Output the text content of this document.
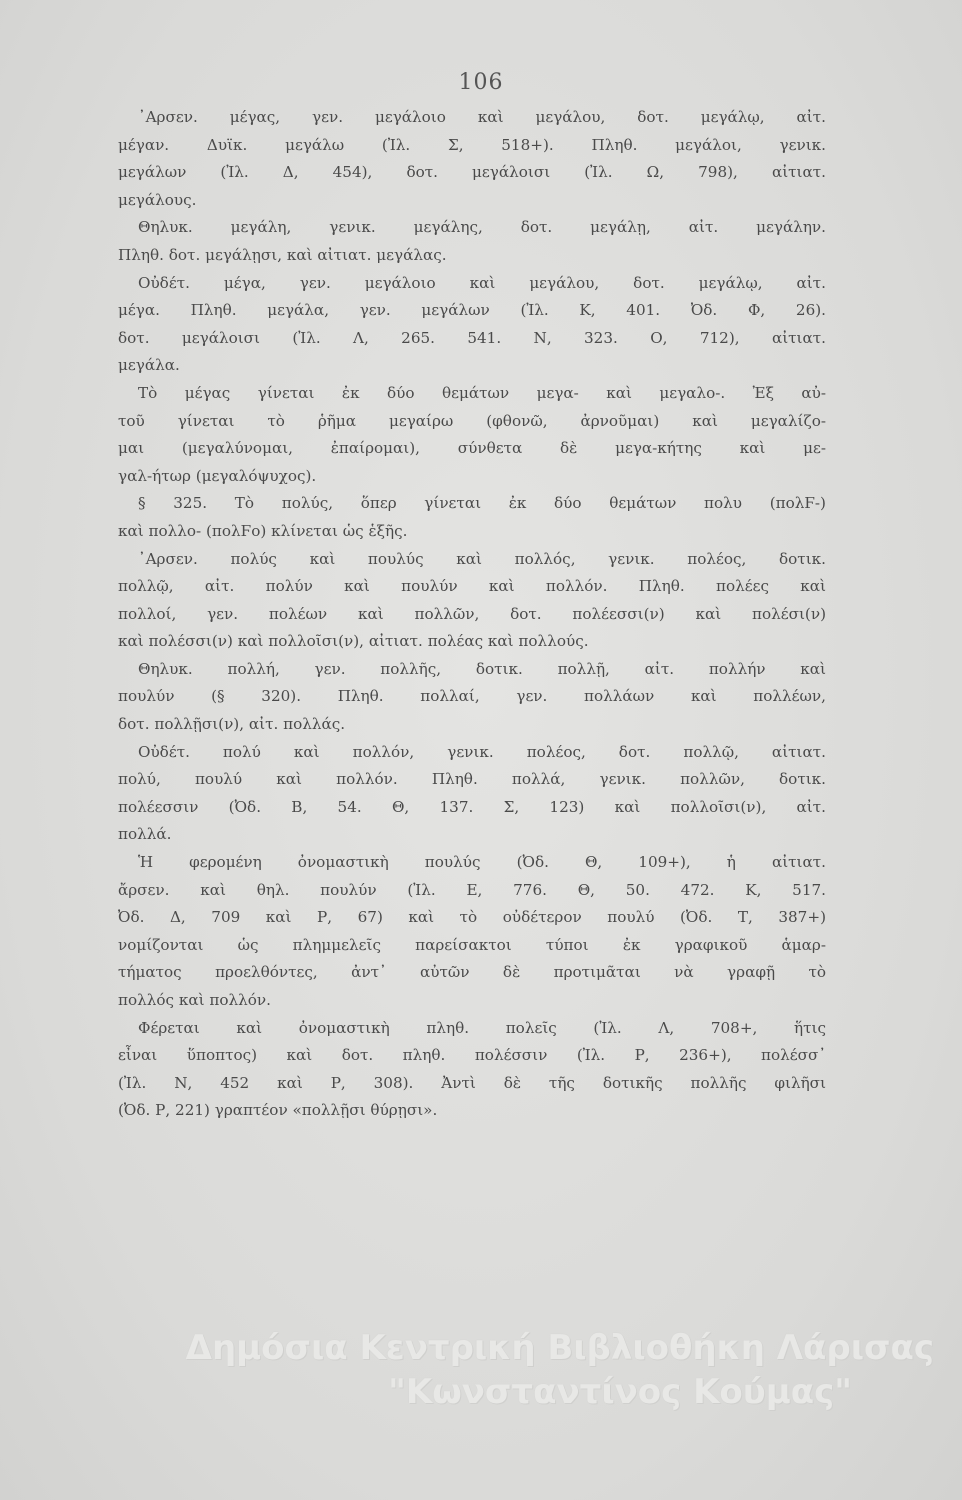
106
᾽Αρσεν. μέγας, γεν. μεγάλοιο καὶ μεγάλου, δοτ. μεγάλῳ, αἰτ.
μέγαν. Δυϊκ. μεγάλω (Ἰλ. Σ, 518+). Πληθ. μεγάλοι, γενικ.
μεγάλων (Ἰλ. Δ, 454), δοτ. μεγάλοισι (Ἰλ. Ω, 798), αἰτιατ.
μεγάλους.
Θηλυκ. μεγάλη, γενικ. μεγάλης, δοτ. μεγάλῃ, αἰτ. μεγάλην.
Πληθ. δοτ. μεγάλῃσι, καὶ αἰτιατ. μεγάλας.
Οὐδέτ. μέγα, γεν. μεγάλοιο καὶ μεγάλου, δοτ. μεγάλῳ, αἰτ.
μέγα. Πληθ. μεγάλα, γεν. μεγάλων (Ἰλ. Κ, 401. Ὀδ. Φ, 26).
δοτ. μεγάλοισι (Ἰλ. Λ, 265. 541. Ν, 323. Ο, 712), αἰτιατ.
μεγάλα.
Τὸ μέγας γίνεται ἐκ δύο θεμάτων μεγα- καὶ μεγαλο-. Ἐξ αὐ-
τοῦ γίνεται τὸ ῥῆμα μεγαίρω (φθονῶ, ἀρνοῦμαι) καὶ μεγαλίζο-
μαι (μεγαλύνομαι, ἐπαίρομαι), σύνθετα δὲ μεγα-κήτης καὶ με-
γαλ-ήτωρ (μεγαλόψυχος).
§ 325. Τὸ πολύς, ὅπερ γίνεται ἐκ δύο θεμάτων πολυ (πολϜ-)
καὶ πολλο- (πολϜο) κλίνεται ὡς ἑξῆς.
᾽Αρσεν. πολύς καὶ πουλύς καὶ πολλός, γενικ. πολέος, δοτικ.
πολλῷ, αἰτ. πολύν καὶ πουλύν καὶ πολλόν. Πληθ. πολέες καὶ
πολλοί, γεν. πολέων καὶ πολλῶν, δοτ. πολέεσσι(ν) καὶ πολέσι(ν)
καὶ πολέσσι(ν) καὶ πολλοῖσι(ν), αἰτιατ. πολέας καὶ πολλούς.
Θηλυκ. πολλή, γεν. πολλῆς, δοτικ. πολλῇ, αἰτ. πολλήν καὶ
πουλύν (§ 320). Πληθ. πολλαί, γεν. πολλάων καὶ πολλέων,
δοτ. πολλῇσι(ν), αἰτ. πολλάς.
Οὐδέτ. πολύ καὶ πολλόν, γενικ. πολέος, δοτ. πολλῷ, αἰτιατ.
πολύ, πουλύ καὶ πολλόν. Πληθ. πολλά, γενικ. πολλῶν, δοτικ.
πολέεσσιν (Ὀδ. Β, 54. Θ, 137. Σ, 123) καὶ πολλοῖσι(ν), αἰτ.
πολλά.
Ἡ φερομένη ὀνομαστικὴ πουλύς (Ὀδ. Θ, 109+), ἡ αἰτιατ.
ἄρσεν. καὶ θηλ. πουλύν (Ἰλ. Ε, 776. Θ, 50. 472. Κ, 517.
Ὀδ. Δ, 709 καὶ Ρ, 67) καὶ τὸ οὐδέτερον πουλύ (Ὀδ. Τ, 387+)
νομίζονται ὡς πλημμελεῖς παρείσακτοι τύποι ἐκ γραφικοῦ ἁμαρ-
τήματος προελθόντες, ἀντ᾽ αὐτῶν δὲ προτιμᾶται νὰ γραφῇ τὸ
πολλός καὶ πολλόν.
Φέρεται καὶ ὀνομαστικὴ πληθ. πολεῖς (Ἰλ. Λ, 708+, ἥτις
εἶναι ὕποπτος) καὶ δοτ. πληθ. πολέσσιν (Ἰλ. Ρ, 236+), πολέσσ᾽
(Ἰλ. Ν, 452 καὶ Ρ, 308). Ἀντὶ δὲ τῆς δοτικῆς πολλῆς φιλῆσι
(Ὀδ. Ρ, 221) γραπτέον «πολλῇσι θύρῃσι».
Δημόσια Κεντρική Βιβλιοθήκη Λάρισας
"Κωνσταντίνος Κούμας"
